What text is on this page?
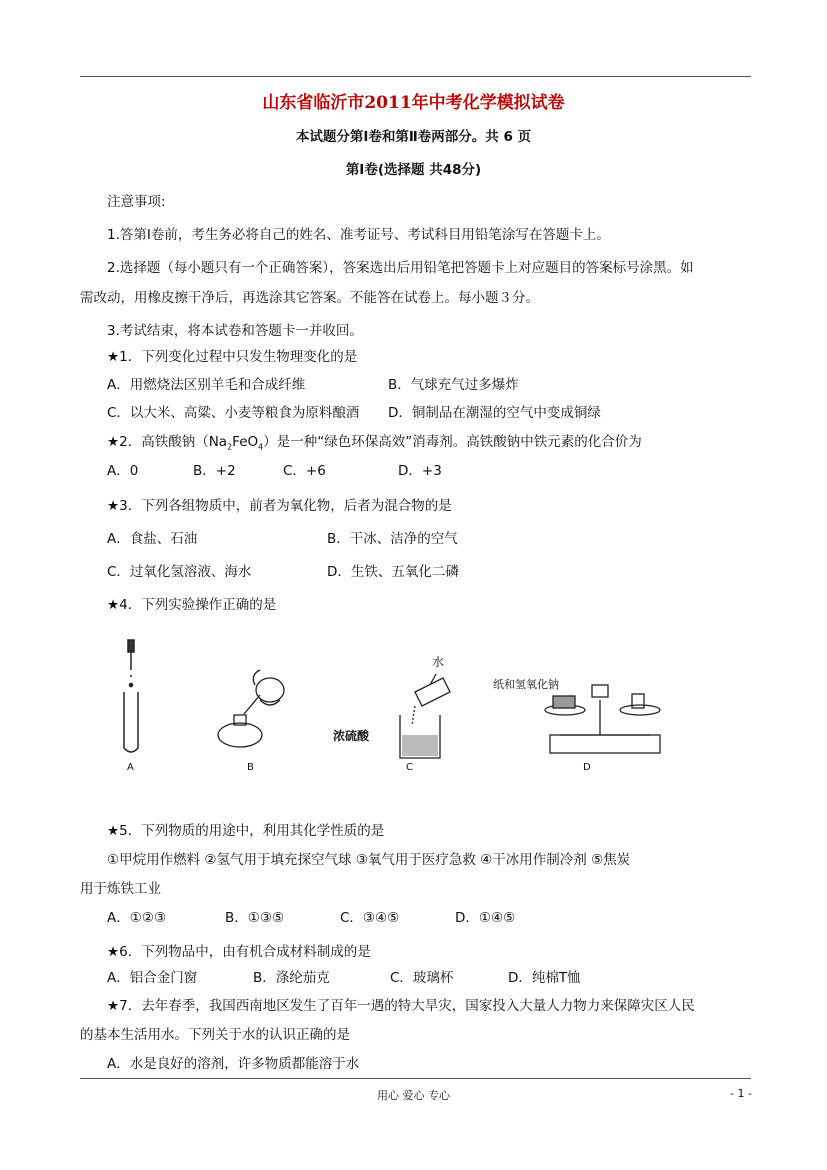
山东省临沂市2011年中考化学模拟试卷
本试题分第Ⅰ卷和第Ⅱ卷两部分。共 6 页
第Ⅰ卷(选择题 共48分)
注意事项:
1.答第Ⅰ卷前，考生务必将自己的姓名、准考证号、考试科目用铅笔涂写在答题卡上。
2.选择题（每小题只有一个正确答案），答案选出后用铅笔把答题卡上对应题目的答案标号涂黑。如
需改动，用橡皮擦干净后，再选涂其它答案。不能答在试卷上。每小题３分。
3.考试结束，将本试卷和答题卡一并收回。
★1．下列变化过程中只发生物理变化的是
A．用燃烧法区别羊毛和合成纤维	B．气球充气过多爆炸
C．以大米、高粱、小麦等粮食为原料酿酒 D．铜制品在潮湿的空气中变成铜绿
★2．高铁酸钠$(Na_2FeO_4)$是一种“绿色环保高效”消毒剂。高铁酸钠中铁元素的化合价为
A．0	B．+2	C．+6	D．+3
★3．下列各组物质中，前者为氧化物，后者为混合物的是
A．食盐、石油	B．干冰、洁净的空气
C．过氧化氢溶液、海水	D．生铁、五氧化二磷
★4．下列实验操作正确的是
水
浓硫酸
纸和氢氧化钠
A	B	C	D
★5．下列物质的用途中，利用其化学性质的是
①甲烷用作燃料 ②氢气用于填充探空气球 ③氧气用于医疗急救 ④干冰用作制冷剂 ⑤焦炭
用于炼铁工业
A．①②③	B．①③⑤	C．③④⑤	D．①④⑤
★6．下列物品中，由有机合成材料制成的是
A．铝合金门窗	B．涤纶茄克	C．玻璃杯	D．纯棉T恤
★7．去年春季，我国西南地区发生了百年一遇的特大旱灾，国家投入大量人力物力来保障灾区人民
的基本生活用水。下列关于水的认识正确的是
A．水是良好的溶剂，许多物质都能溶于水
用心 爱心 专心	- 1 -
